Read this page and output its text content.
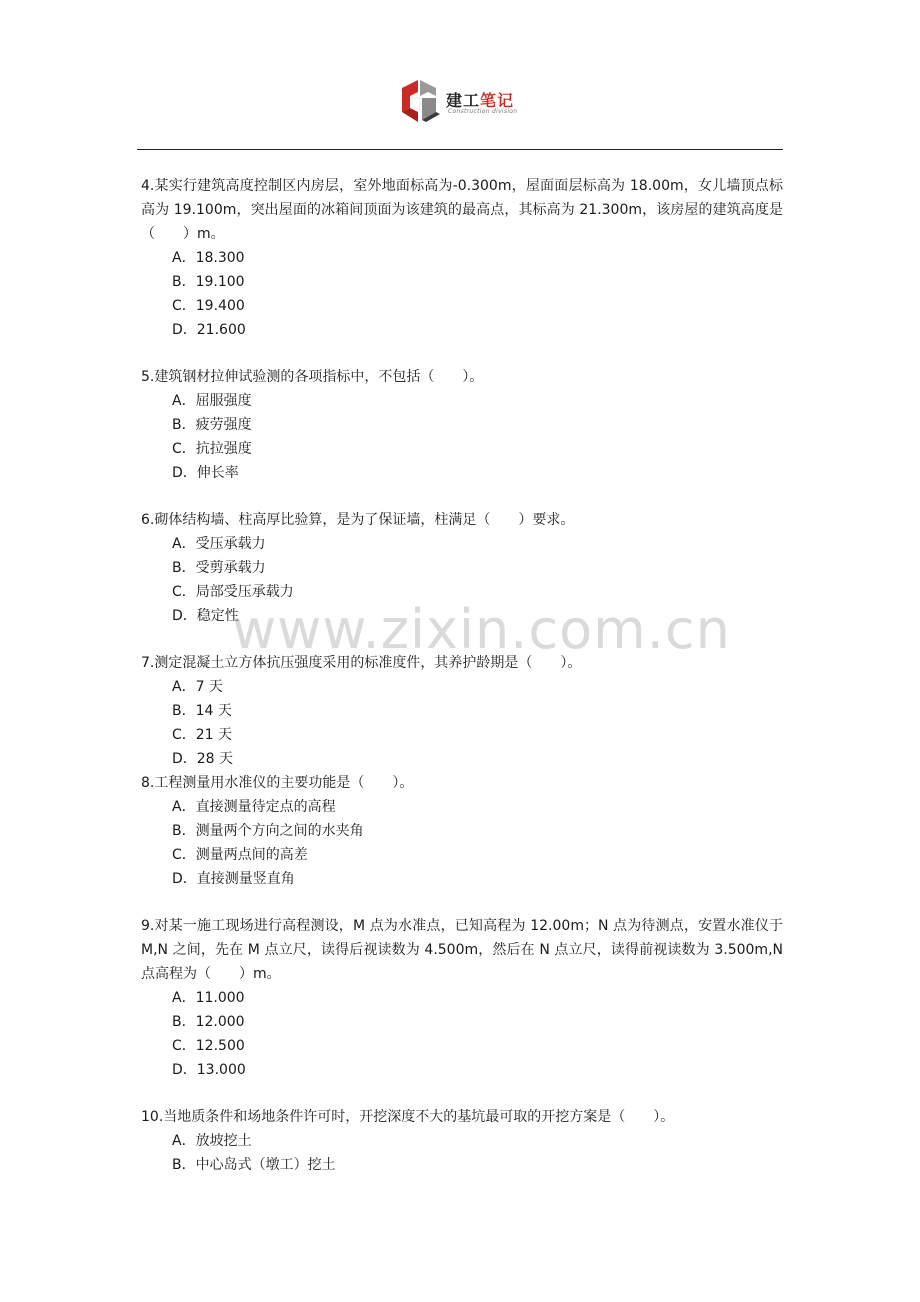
建工笔记
Construction division
www.zixin.com.cn

4.某实行建筑高度控制区内房层，室外地面标高为-0.300m，屋面面层标高为 18.00m，女儿墙顶点标高为 19.100m，突出屋面的冰箱间顶面为该建筑的最高点，其标高为 21.300m，该房屋的建筑高度是（　　）m。

A．18.300

B．19.100

C．19.400

D．21.600

5.建筑钢材拉伸试验测的各项指标中，不包括（　　）。

A．屈服强度

B．疲劳强度

C．抗拉强度

D．伸长率

6.砌体结构墙、柱高厚比验算，是为了保证墙，柱满足（　　）要求。

A．受压承载力

B．受剪承载力

C．局部受压承载力

D．稳定性

7.测定混凝土立方体抗压强度采用的标准度件，其养护龄期是（　　）。

A．7 天

B．14 天

C．21 天

D．28 天

8.工程测量用水准仪的主要功能是（　　）。

A．直接测量待定点的高程

B．测量两个方向之间的水夹角

C．测量两点间的高差

D．直接测量竖直角

9.对某一施工现场进行高程测设，M 点为水准点，已知高程为 12.00m；N 点为待测点，安置水准仪于 M,N 之间，先在 M 点立尺，读得后视读数为 4.500m，然后在 N 点立尺，读得前视读数为 3.500m,N 点高程为（　　）m。

A．11.000

B．12.000

C．12.500

D．13.000

10.当地质条件和场地条件许可时，开挖深度不大的基坑最可取的开挖方案是（　　）。

A．放坡挖土

B．中心岛式（墩工）挖土
